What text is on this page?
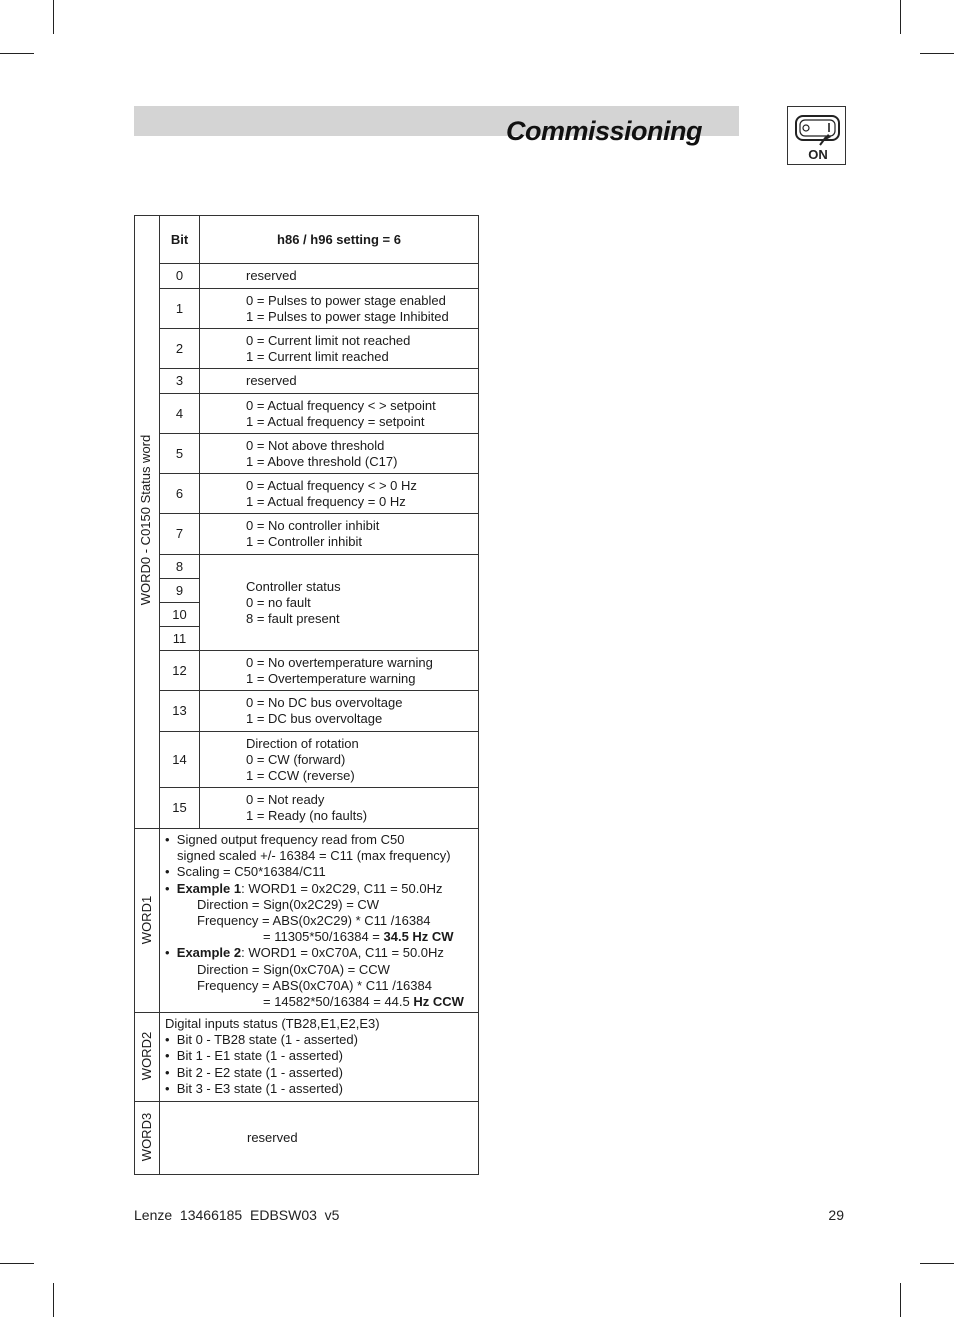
Commissioning
ON
Bit	h86 / h96 setting = 6
WORD0 - C0150 Status word
WORD1
WORD2
WORD3
0
1
2
3
4
5
6
7
8
9
10
11
12
13
14
15
reserved
0 = Pulses to power stage enabled
1 = Pulses to power stage Inhibited
0 = Current limit not reached
1 = Current limit reached
reserved
0 = Actual frequency < > setpoint
1 = Actual frequency = setpoint
0 = Not above threshold
1 = Above threshold (C17)
0 = Actual frequency < > 0 Hz
1 = Actual frequency = 0 Hz
0 = No controller inhibit
1 = Controller inhibit
Controller status
0 = no fault
8 = fault present
0 = No overtemperature warning
1 = Overtemperature warning
0 = No DC bus overvoltage
1 = DC bus overvoltage
Direction of rotation
0 = CW (forward)
1 = CCW (reverse)
0 = Not ready
1 = Ready (no faults)
•  Signed output frequency read from C50
signed scaled +/- 16384 = C11 (max frequency)
•  Scaling = C50*16384/C11
•  Example 1: WORD1 = 0x2C29, C11 = 50.0Hz
Direction = Sign(0x2C29) = CW
Frequency = ABS(0x2C29) * C11 /16384
= 11305*50/16384 = 34.5 Hz CW
•  Example 2: WORD1 = 0xC70A, C11 = 50.0Hz
Direction = Sign(0xC70A) = CCW
Frequency = ABS(0xC70A) * C11 /16384
= 14582*50/16384 = 44.5 Hz CCW
Digital inputs status (TB28,E1,E2,E3)
•  Bit 0 - TB28 state (1 - asserted)
•  Bit 1 - E1 state (1 - asserted)
•  Bit 2 - E2 state (1 - asserted)
•  Bit 3 - E3 state (1 - asserted)
reserved
Lenze  13466185  EDBSW03  v5	29
